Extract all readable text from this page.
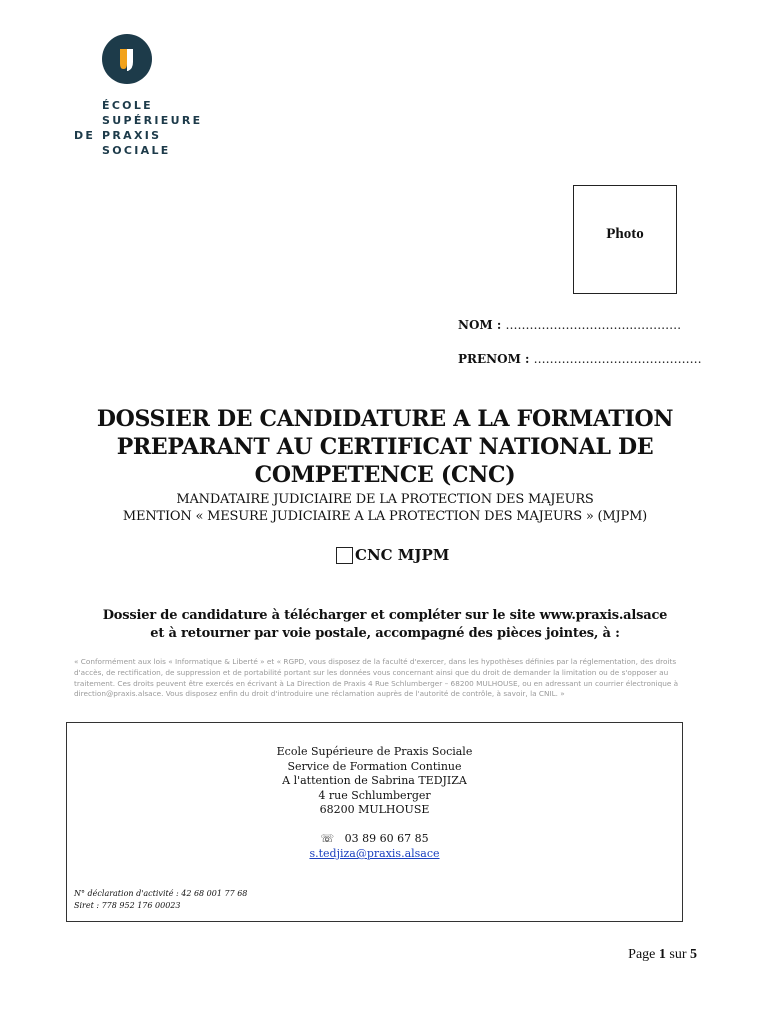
ÉCOLE
SUPÉRIEURE
DE PRAXIS
SOCIALE
Photo
NOM : …………………………..…………
PRENOM : ……………………………………
DOSSIER DE CANDIDATURE A LA FORMATION
PREPARANT AU CERTIFICAT NATIONAL DE
COMPETENCE (CNC)
MANDATAIRE JUDICIAIRE DE LA PROTECTION DES MAJEURS
MENTION « MESURE JUDICIAIRE A LA PROTECTION DES MAJEURS » (MJPM)
CNC MJPM
Dossier de candidature à télécharger et compléter sur le site www.praxis.alsace
et à retourner par voie postale, accompagné des pièces jointes, à :
« Conformément aux lois « Informatique & Liberté » et « RGPD, vous disposez de la faculté d'exercer, dans les hypothèses définies par la réglementation, des droits d'accès, de rectification, de suppression et de portabilité portant sur les données vous concernant ainsi que du droit de demander la limitation ou de s'opposer au traitement. Ces droits peuvent être exercés en écrivant à La Direction de Praxis 4 Rue Schlumberger – 68200 MULHOUSE, ou en adressant un courrier électronique à direction@praxis.alsace. Vous disposez enfin du droit d'introduire une réclamation auprès de l'autorité de contrôle, à savoir, la CNIL. »
Ecole Supérieure de Praxis Sociale
Service de Formation Continue
A l'attention de Sabrina TEDJIZA
4 rue Schlumberger
68200 MULHOUSE
☏ 03 89 60 67 85
s.tedjiza@praxis.alsace
N° déclaration d'activité : 42 68 001 77 68
Siret : 778 952 176 00023
Page 1 sur 5
